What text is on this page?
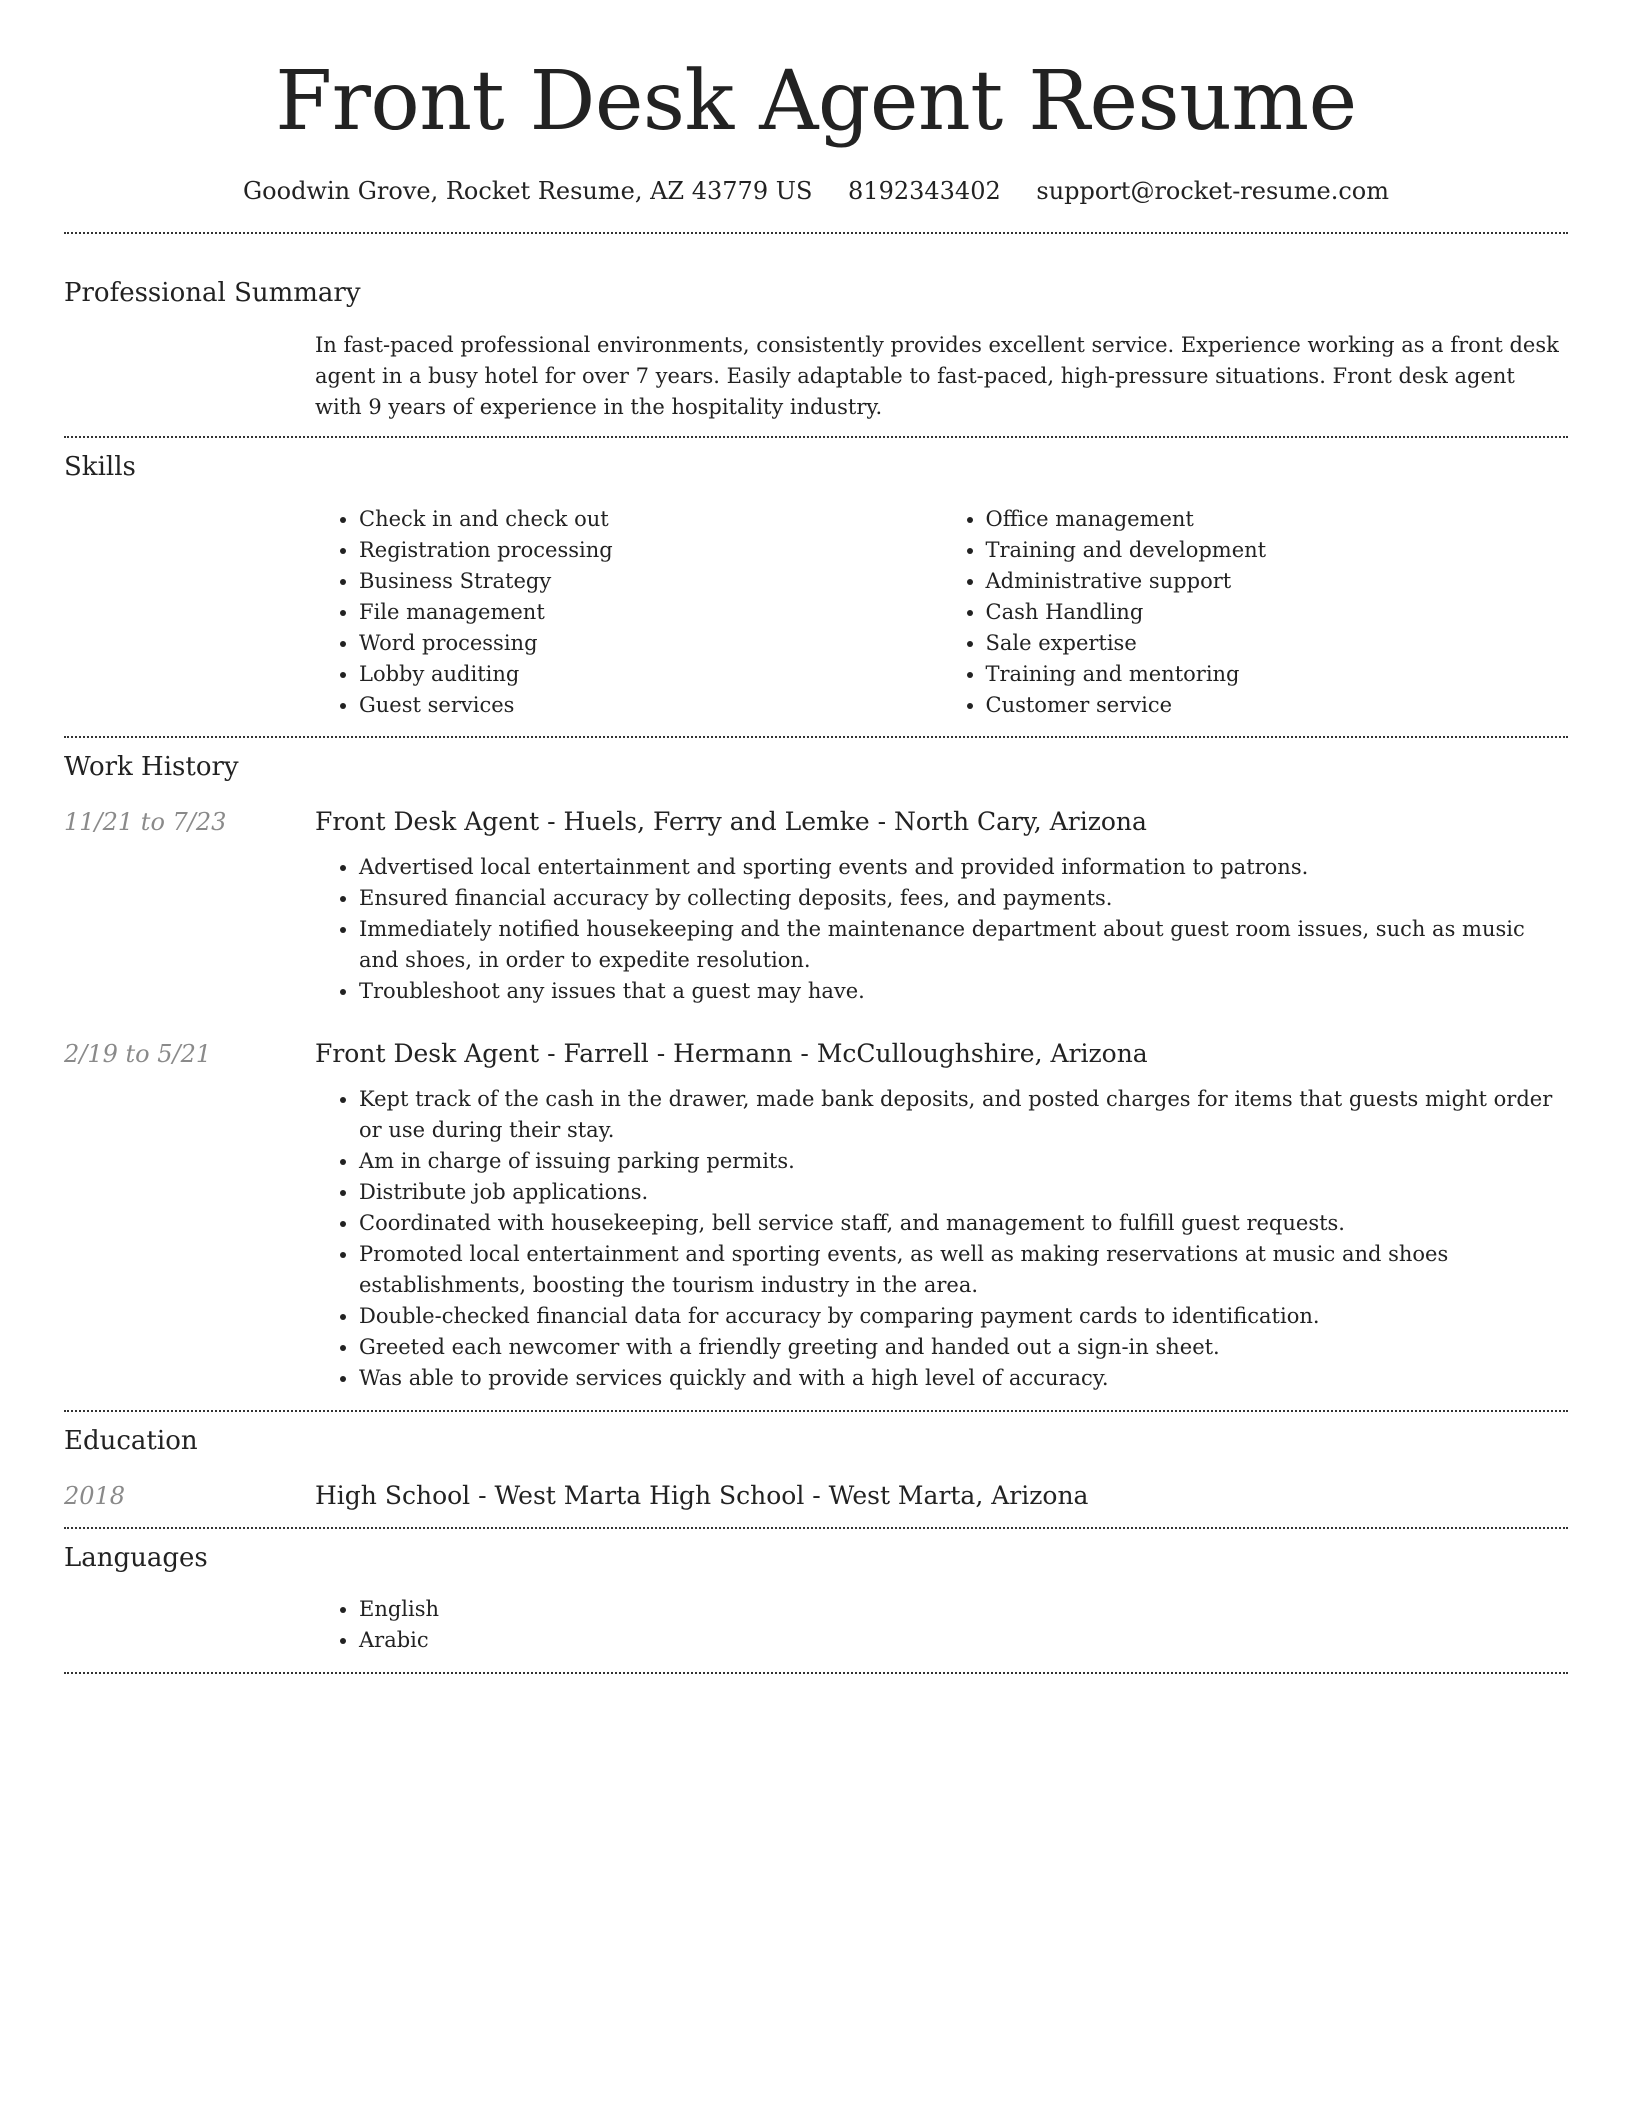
Front Desk Agent Resume
Goodwin Grove, Rocket Resume, AZ 43779 US 8192343402 support@rocket-resume.com
Professional Summary
In fast-paced professional environments, consistently provides excellent service. Experience working as a front desk agent in a busy hotel for over 7 years. Easily adaptable to fast-paced, high-pressure situations. Front desk agent with 9 years of experience in the hospitality industry.
Skills
• Check in and check out
• Registration processing
• Business Strategy
• File management
• Word processing
• Lobby auditing
• Guest services
• Office management
• Training and development
• Administrative support
• Cash Handling
• Sale expertise
• Training and mentoring
• Customer service
Work History
11/21 to 7/23	Front Desk Agent - Huels, Ferry and Lemke - North Cary, Arizona
• Advertised local entertainment and sporting events and provided information to patrons.
• Ensured financial accuracy by collecting deposits, fees, and payments.
• Immediately notified housekeeping and the maintenance department about guest room issues, such as music and shoes, in order to expedite resolution.
• Troubleshoot any issues that a guest may have.
2/19 to 5/21	Front Desk Agent - Farrell - Hermann - McCulloughshire, Arizona
• Kept track of the cash in the drawer, made bank deposits, and posted charges for items that guests might order or use during their stay.
• Am in charge of issuing parking permits.
• Distribute job applications.
• Coordinated with housekeeping, bell service staff, and management to fulfill guest requests.
• Promoted local entertainment and sporting events, as well as making reservations at music and shoes establishments, boosting the tourism industry in the area.
• Double-checked financial data for accuracy by comparing payment cards to identification.
• Greeted each newcomer with a friendly greeting and handed out a sign-in sheet.
• Was able to provide services quickly and with a high level of accuracy.
Education
2018	High School - West Marta High School - West Marta, Arizona
Languages
• English
• Arabic
